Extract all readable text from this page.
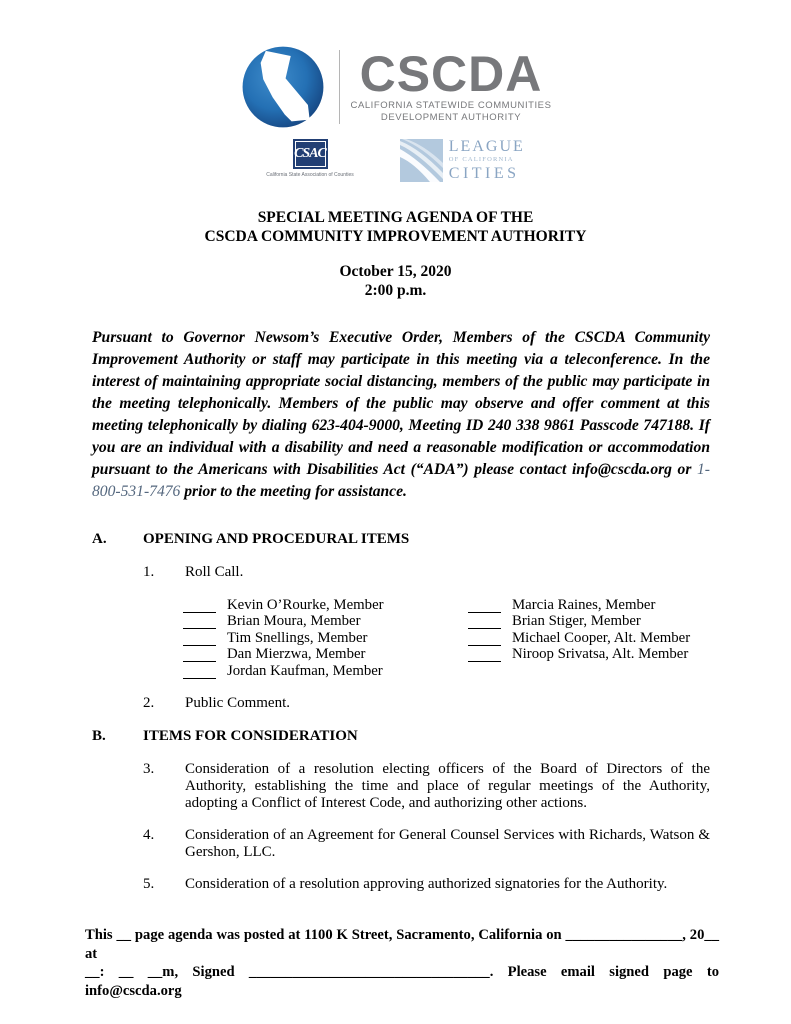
CSCDA
CALIFORNIA STATEWIDE COMMUNITIES
DEVELOPMENT AUTHORITY
CSAC
California State Association of Counties
LEAGUE
OF CALIFORNIA
CITIES
SPECIAL MEETING AGENDA OF THE
CSCDA COMMUNITY IMPROVEMENT AUTHORITY
October 15, 2020
2:00 p.m.

Pursuant to Governor Newsom’s Executive Order, Members of the CSCDA Community Improvement Authority or staff may participate in this meeting via a teleconference. In the interest of maintaining appropriate social distancing, members of the public may participate in the meeting telephonically. Members of the public may observe and offer comment at this meeting telephonically by dialing 623-404-9000, Meeting ID 240 338 9861 Passcode 747188. If you are an individual with a disability and need a reasonable modification or accommodation pursuant to the Americans with Disabilities Act (“ADA”) please contact info@cscda.org or 1-800-531-7476 prior to the meeting for assistance.

A.	OPENING AND PROCEDURAL ITEMS
1.	Roll Call.
Kevin O’Rourke, Member
Brian Moura, Member
Tim Snellings, Member
Dan Mierzwa, Member
Jordan Kaufman, Member
Marcia Raines, Member
Brian Stiger, Member
Michael Cooper, Alt. Member
Niroop Srivatsa, Alt. Member
2.	Public Comment.
B.	ITEMS FOR CONSIDERATION
3.	Consideration of a resolution electing officers of the Board of Directors of the Authority, establishing the time and place of regular meetings of the Authority, adopting a Conflict of Interest Code, and authorizing other actions.
4.	Consideration of an Agreement for General Counsel Services with Richards, Watson & Gershon, LLC.
5.	Consideration of a resolution approving authorized signatories for the Authority.
This __ page agenda was posted at 1100 K Street, Sacramento, California on ________________, 20__ at
__: __ __m, Signed _________________________________. Please email signed page to info@cscda.org
